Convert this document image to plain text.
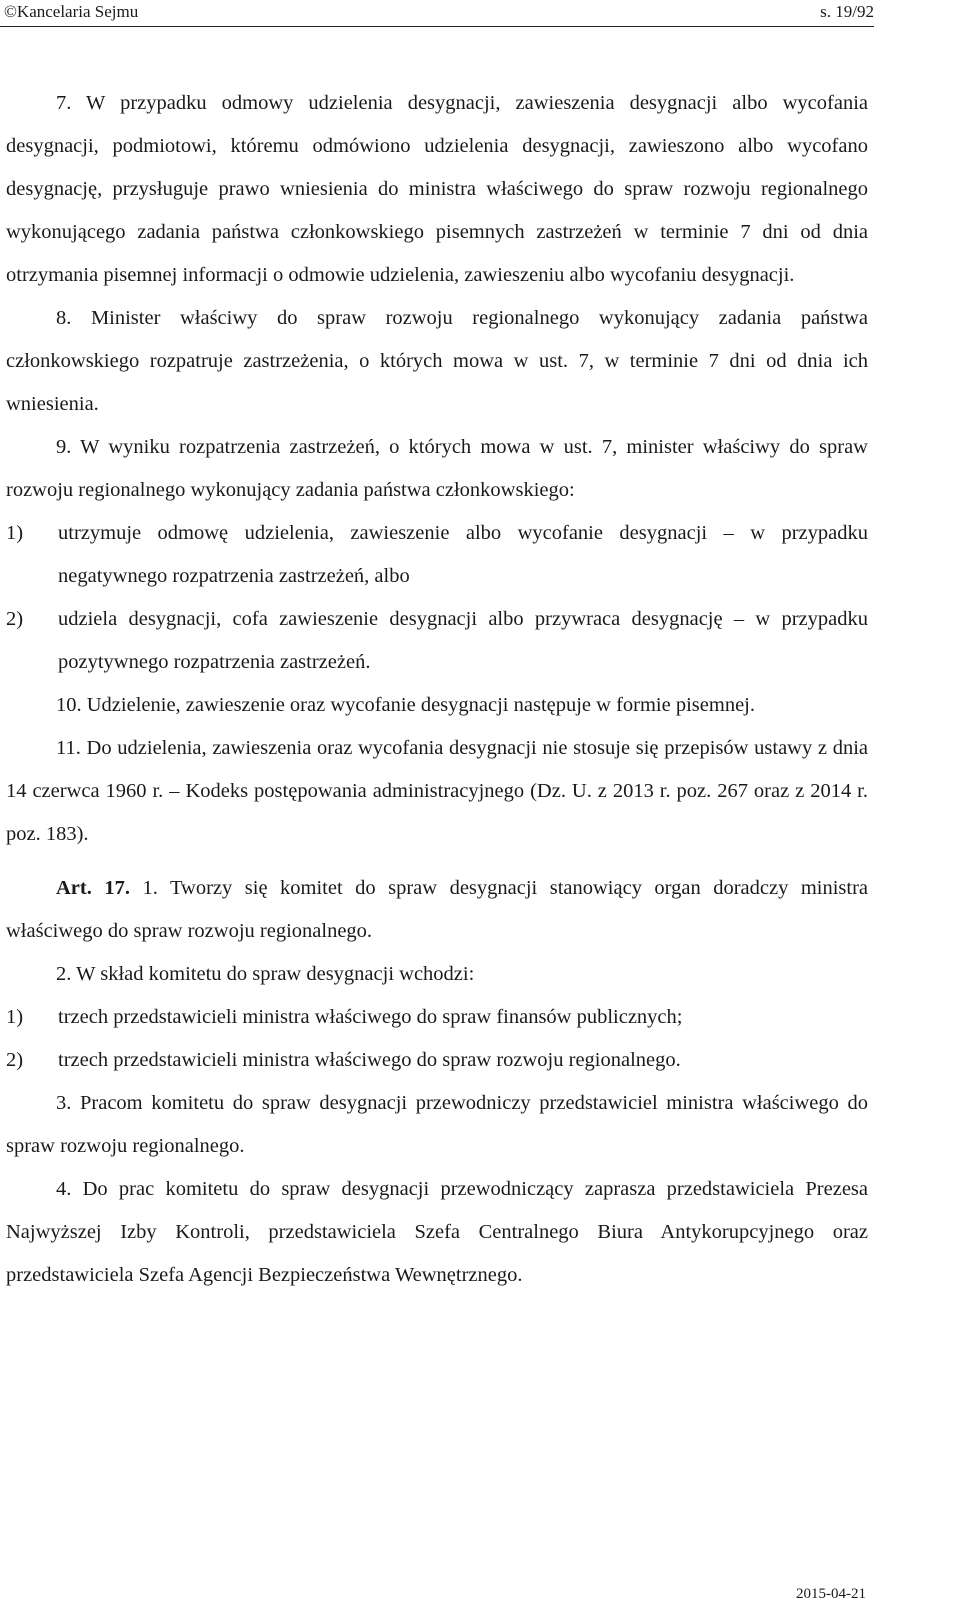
©Kancelaria Sejmu	s. 19/92

7. W przypadku odmowy udzielenia desygnacji, zawieszenia desygnacji albo wycofania desygnacji, podmiotowi, któremu odmówiono udzielenia desygnacji, zawieszono albo wycofano desygnację, przysługuje prawo wniesienia do ministra właściwego do spraw rozwoju regionalnego wykonującego zadania państwa członkowskiego pisemnych zastrzeżeń w terminie 7 dni od dnia otrzymania pisemnej informacji o odmowie udzielenia, zawieszeniu albo wycofaniu desygnacji.

8. Minister właściwy do spraw rozwoju regionalnego wykonujący zadania państwa członkowskiego rozpatruje zastrzeżenia, o których mowa w ust. 7, w terminie 7 dni od dnia ich wniesienia.

9. W wyniku rozpatrzenia zastrzeżeń, o których mowa w ust. 7, minister właściwy do spraw rozwoju regionalnego wykonujący zadania państwa członkowskiego:

1) utrzymuje odmowę udzielenia, zawieszenie albo wycofanie desygnacji – w przypadku negatywnego rozpatrzenia zastrzeżeń, albo
2) udziela desygnacji, cofa zawieszenie desygnacji albo przywraca desygnację – w przypadku pozytywnego rozpatrzenia zastrzeżeń.

10. Udzielenie, zawieszenie oraz wycofanie desygnacji następuje w formie pisemnej.

11. Do udzielenia, zawieszenia oraz wycofania desygnacji nie stosuje się przepisów ustawy z dnia 14 czerwca 1960 r. – Kodeks postępowania administracyjnego (Dz. U. z 2013 r. poz. 267 oraz z 2014 r. poz. 183).

Art. 17. 1. Tworzy się komitet do spraw desygnacji stanowiący organ doradczy ministra właściwego do spraw rozwoju regionalnego.

2. W skład komitetu do spraw desygnacji wchodzi:

1) trzech przedstawicieli ministra właściwego do spraw finansów publicznych;
2) trzech przedstawicieli ministra właściwego do spraw rozwoju regionalnego.

3. Pracom komitetu do spraw desygnacji przewodniczy przedstawiciel ministra właściwego do spraw rozwoju regionalnego.

4. Do prac komitetu do spraw desygnacji przewodniczący zaprasza przedstawiciela Prezesa Najwyższej Izby Kontroli, przedstawiciela Szefa Centralnego Biura Antykorupcyjnego oraz przedstawiciela Szefa Agencji Bezpieczeństwa Wewnętrznego.

2015-04-21
